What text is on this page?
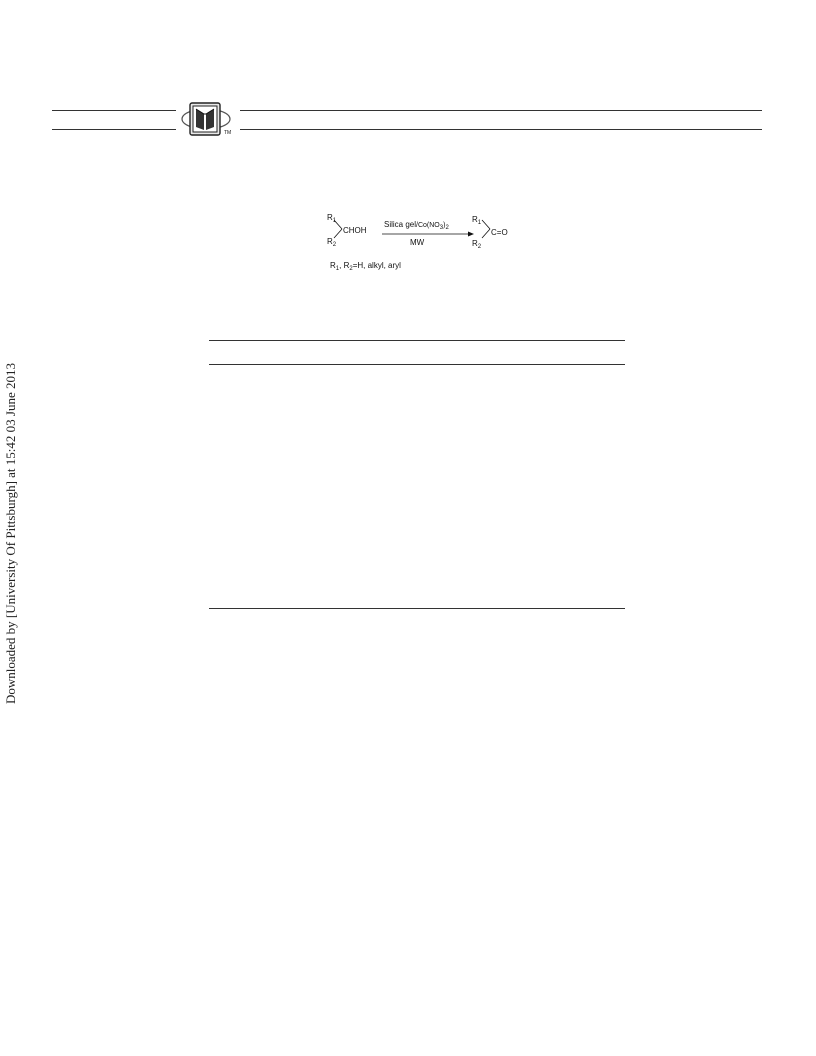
TM
Downloaded by [University Of Pittsburgh] at 15:42 03 June 2013
$R_1$
CHOH
$R_2$
Silica gel/$Co(NO_3)_2$
MW
$R_1$
C=O
$R_2$
$R_1$, $R_2=H$, alkyl, aryl
